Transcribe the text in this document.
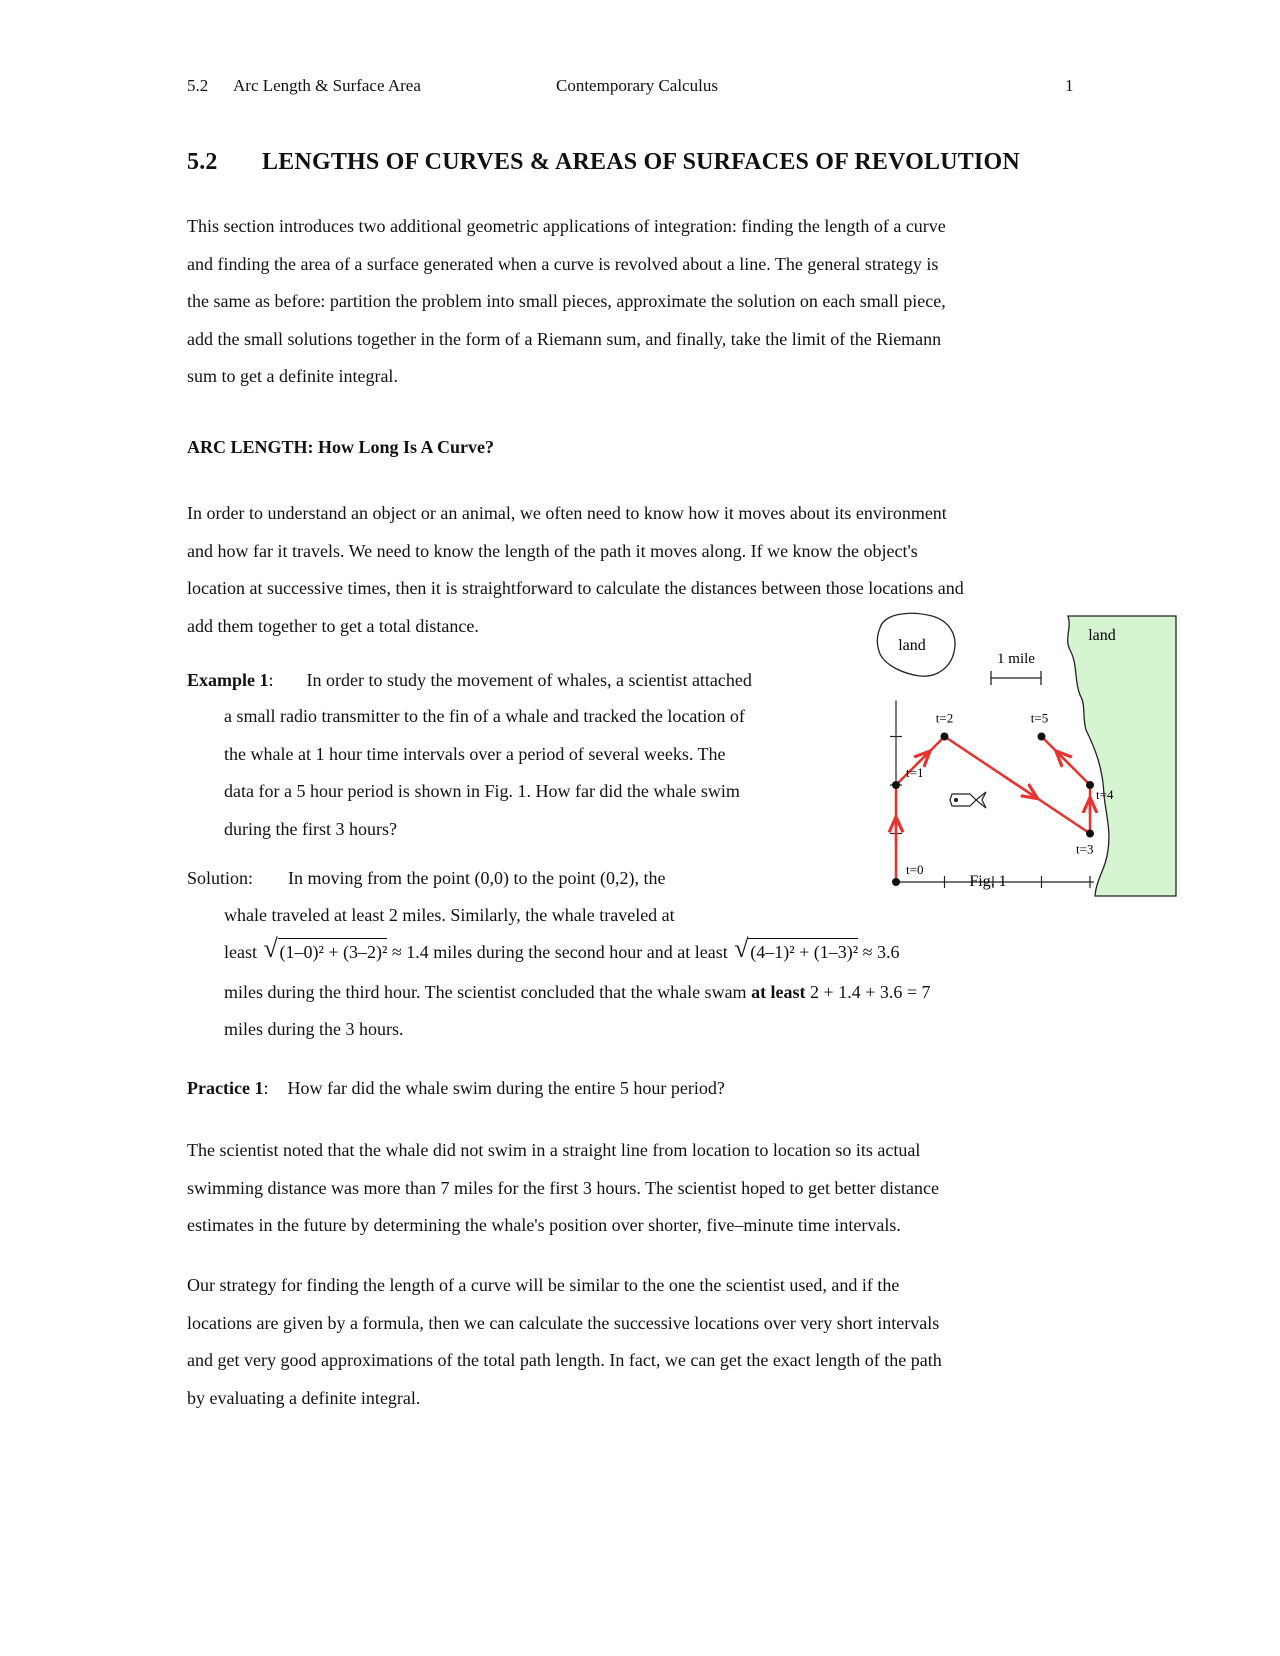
5.2 Arc Length & Surface Area	Contemporary Calculus	1
5.2 LENGTHS OF CURVES & AREAS OF SURFACES OF REVOLUTION
This section introduces two additional geometric applications of integration: finding the length of a curve
and finding the area of a surface generated when a curve is revolved about a line. The general strategy is
the same as before: partition the problem into small pieces, approximate the solution on each small piece,
add the small solutions together in the form of a Riemann sum, and finally, take the limit of the Riemann
sum to get a definite integral.
ARC LENGTH: How Long Is A Curve?
In order to understand an object or an animal, we often need to know how it moves about its environment
and how far it travels. We need to know the length of the path it moves along. If we know the object's
location at successive times, then it is straightforward to calculate the distances between those locations and
add them together to get a total distance.
Example 1: In order to study the movement of whales, a scientist attached
a small radio transmitter to the fin of a whale and tracked the location of
the whale at 1 hour time intervals over a period of several weeks. The
data for a 5 hour period is shown in Fig. 1. How far did the whale swim
during the first 3 hours?
land
land
1 mile
t=0
t=1
t=2
t=3
t=4
t=5
Fig. 1
Solution: In moving from the point (0,0) to the point (0,2), the
whale traveled at least 2 miles. Similarly, the whale traveled at
least √ (1–0)² + (3–2)² ≈ 1.4 miles during the second hour and at least √ (4–1)² + (1–3)² ≈ 3.6
miles during the third hour. The scientist concluded that the whale swam at least 2 + 1.4 + 3.6 = 7
miles during the 3 hours.
Practice 1: How far did the whale swim during the entire 5 hour period?
The scientist noted that the whale did not swim in a straight line from location to location so its actual
swimming distance was more than 7 miles for the first 3 hours. The scientist hoped to get better distance
estimates in the future by determining the whale's position over shorter, five–minute time intervals.
Our strategy for finding the length of a curve will be similar to the one the scientist used, and if the
locations are given by a formula, then we can calculate the successive locations over very short intervals
and get very good approximations of the total path length. In fact, we can get the exact length of the path
by evaluating a definite integral.
